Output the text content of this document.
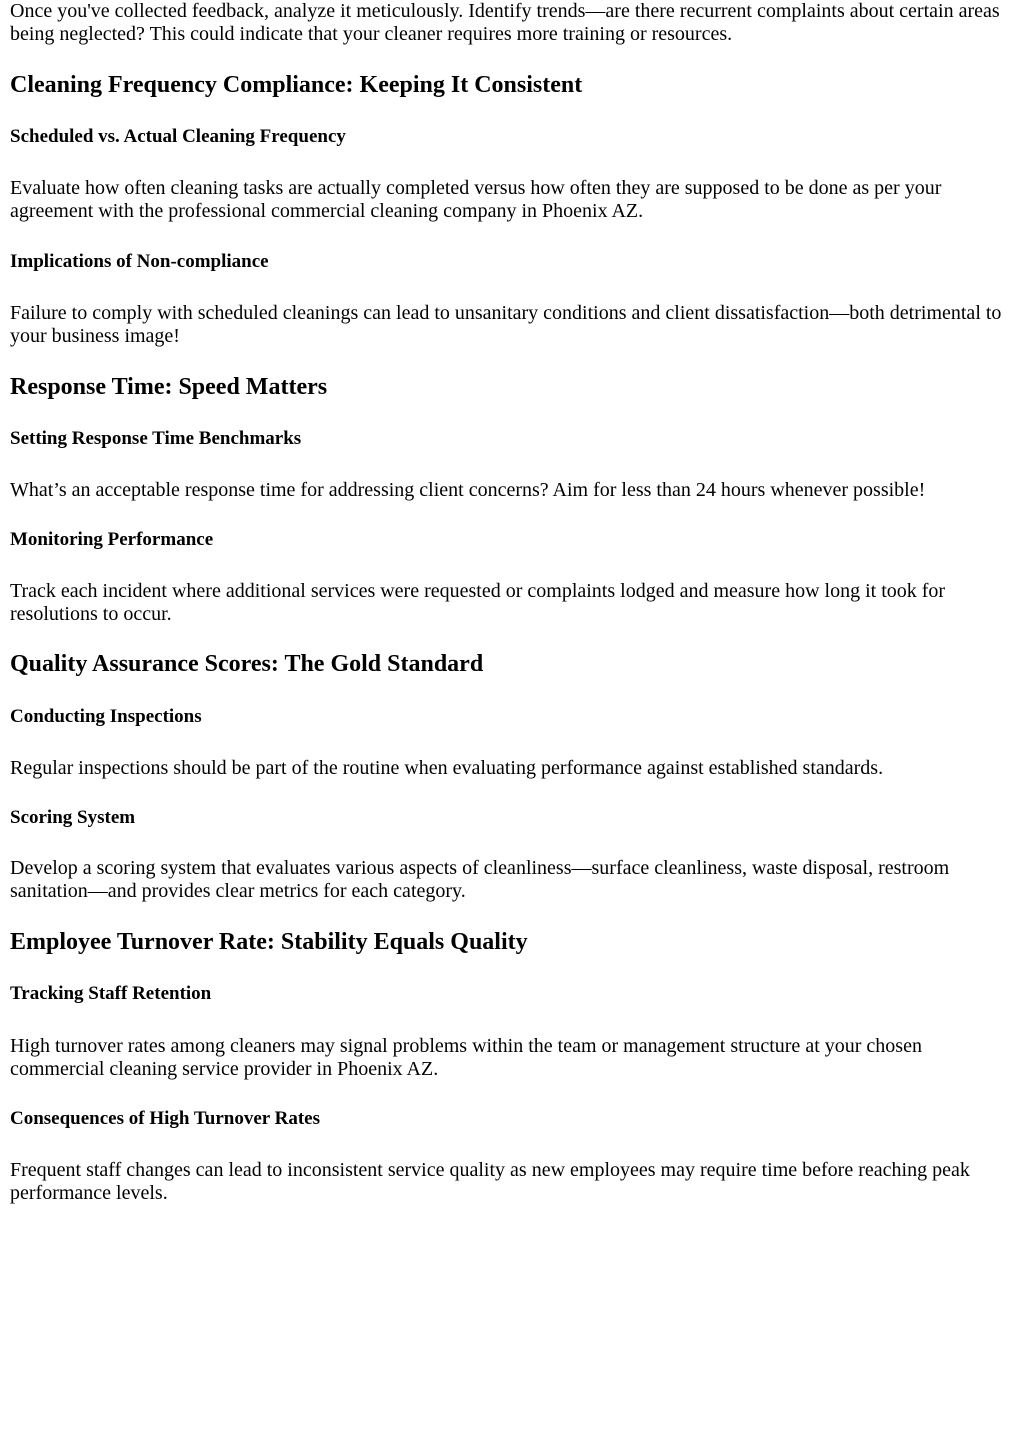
Once you've collected feedback, analyze it meticulously. Identify trends—are there recurrent complaints about certain areas being neglected? This could indicate that your cleaner requires more training or resources.

Cleaning Frequency Compliance: Keeping It Consistent
Scheduled vs. Actual Cleaning Frequency

Evaluate how often cleaning tasks are actually completed versus how often they are supposed to be done as per your agreement with the professional commercial cleaning company in Phoenix AZ.

Implications of Non-compliance

Failure to comply with scheduled cleanings can lead to unsanitary conditions and client dissatisfaction—both detrimental to your business image!

Response Time: Speed Matters
Setting Response Time Benchmarks

What’s an acceptable response time for addressing client concerns? Aim for less than 24 hours whenever possible!

Monitoring Performance

Track each incident where additional services were requested or complaints lodged and measure how long it took for resolutions to occur.

Quality Assurance Scores: The Gold Standard
Conducting Inspections

Regular inspections should be part of the routine when evaluating performance against established standards.

Scoring System

Develop a scoring system that evaluates various aspects of cleanliness—surface cleanliness, waste disposal, restroom sanitation—and provides clear metrics for each category.

Employee Turnover Rate: Stability Equals Quality
Tracking Staff Retention

High turnover rates among cleaners may signal problems within the team or management structure at your chosen commercial cleaning service provider in Phoenix AZ.

Consequences of High Turnover Rates

Frequent staff changes can lead to inconsistent service quality as new employees may require time before reaching peak performance levels.
